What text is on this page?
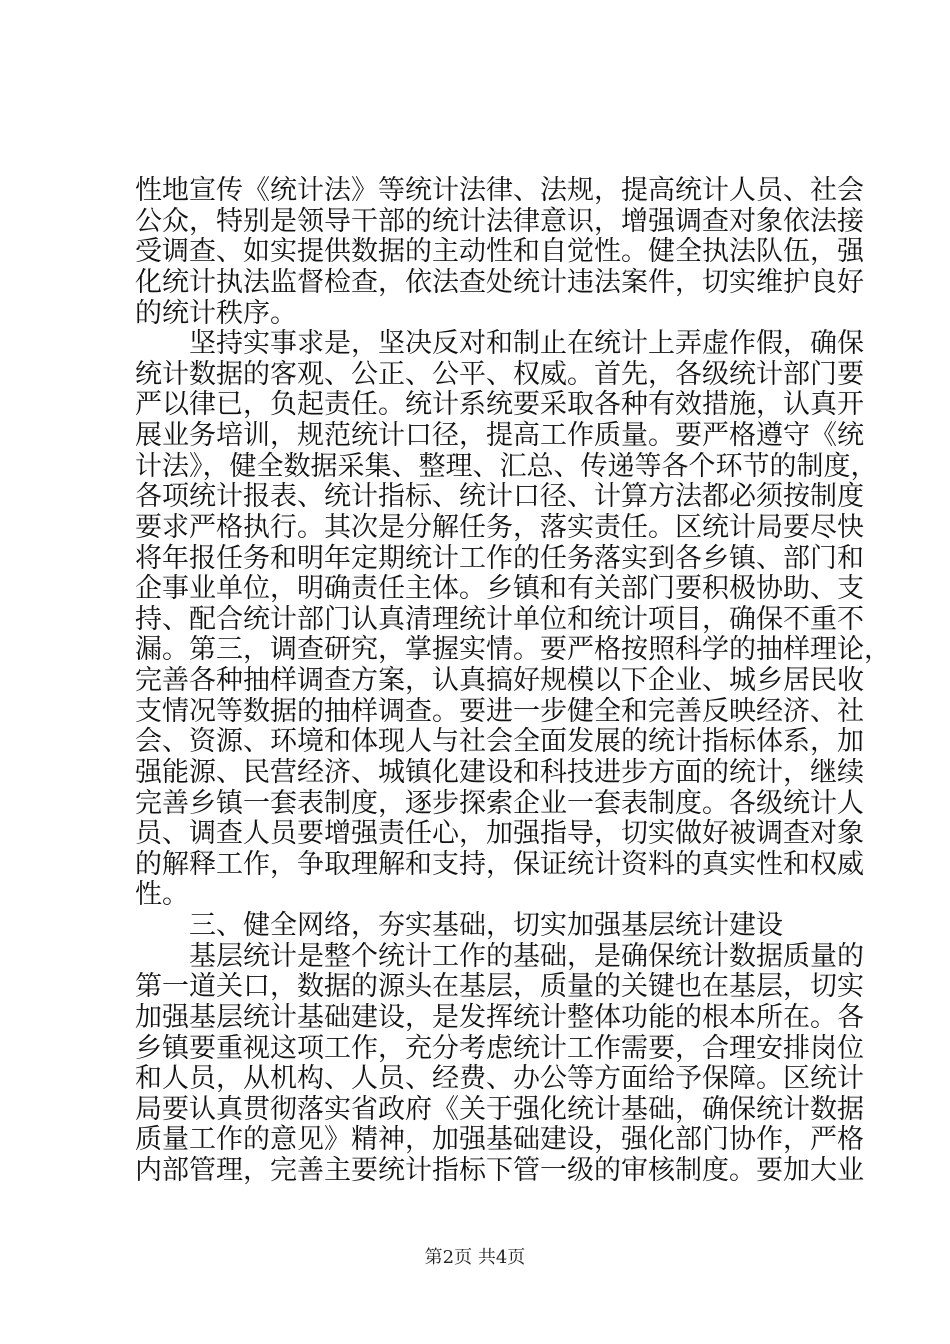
性地宣传《统计法》等统计法律、法规，提高统计人员、社会
公众，特别是领导干部的统计法律意识，增强调查对象依法接
受调查、如实提供数据的主动性和自觉性。健全执法队伍，强
化统计执法监督检查，依法查处统计违法案件，切实维护良好
的统计秩序。
　　坚持实事求是，坚决反对和制止在统计上弄虚作假，确保
统计数据的客观、公正、公平、权威。首先，各级统计部门要
严以律已，负起责任。统计系统要采取各种有效措施，认真开
展业务培训，规范统计口径，提高工作质量。要严格遵守《统
计法》，健全数据采集、整理、汇总、传递等各个环节的制度，
各项统计报表、统计指标、统计口径、计算方法都必须按制度
要求严格执行。其次是分解任务，落实责任。区统计局要尽快
将年报任务和明年定期统计工作的任务落实到各乡镇、部门和
企事业单位，明确责任主体。乡镇和有关部门要积极协助、支
持、配合统计部门认真清理统计单位和统计项目，确保不重不
漏。第三，调查研究，掌握实情。要严格按照科学的抽样理论，
完善各种抽样调查方案，认真搞好规模以下企业、城乡居民收
支情况等数据的抽样调查。要进一步健全和完善反映经济、社
会、资源、环境和体现人与社会全面发展的统计指标体系，加
强能源、民营经济、城镇化建设和科技进步方面的统计，继续
完善乡镇一套表制度，逐步探索企业一套表制度。各级统计人
员、调查人员要增强责任心，加强指导，切实做好被调查对象
的解释工作，争取理解和支持，保证统计资料的真实性和权威
性。
　　三、健全网络，夯实基础，切实加强基层统计建设
　　基层统计是整个统计工作的基础，是确保统计数据质量的
第一道关口，数据的源头在基层，质量的关键也在基层，切实
加强基层统计基础建设，是发挥统计整体功能的根本所在。各
乡镇要重视这项工作，充分考虑统计工作需要，合理安排岗位
和人员，从机构、人员、经费、办公等方面给予保障。区统计
局要认真贯彻落实省政府《关于强化统计基础，确保统计数据
质量工作的意见》精神，加强基础建设，强化部门协作，严格
内部管理，完善主要统计指标下管一级的审核制度。要加大业
第2页 共4页
